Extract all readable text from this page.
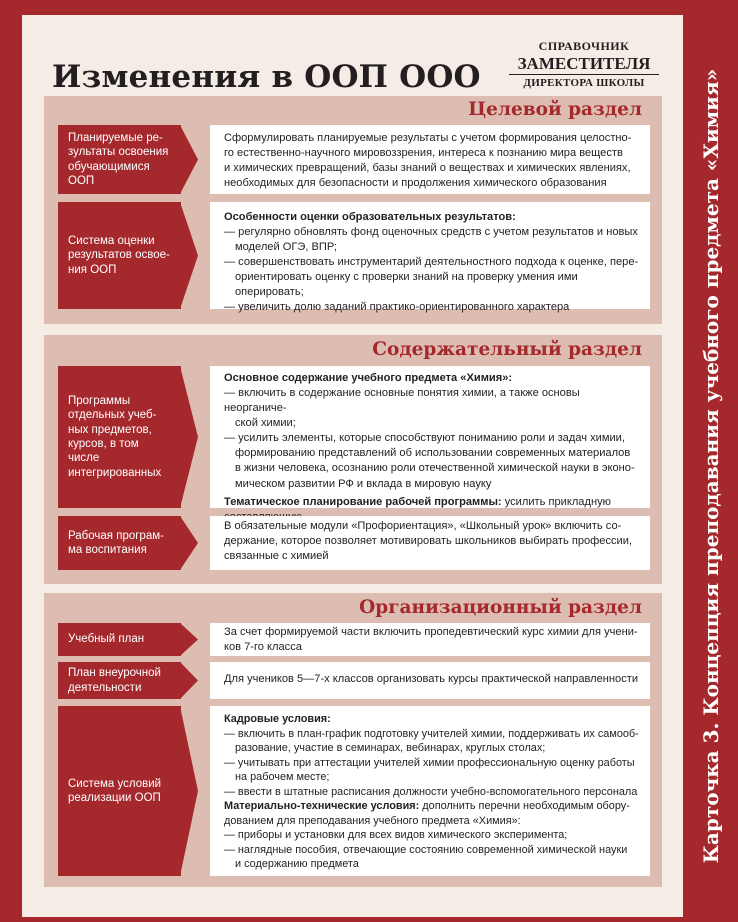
Изменения в ООП ООО
СПРАВОЧНИК
ЗАМЕСТИТЕЛЯ
ДИРЕКТОРА ШКОЛЫ
Целевой раздел
Планируемые ре-
зультаты освоения
обучающимися
ООП

Сформулировать планируемые результаты с учетом формирования целостно-

го естественно-научного мировоззрения, интереса к познанию мира веществ

и химических превращений, базы знаний о веществах и химических явлениях,

необходимых для безопасности и продолжения химического образования

Система оценки
результатов освое-
ния ООП

Особенности оценки образовательных результатов:

— регулярно обновлять фонд оценочных средств с учетом результатов и новых

моделей ОГЭ, ВПР;

— совершенствовать инструментарий деятельностного подхода к оценке, пере-

ориентировать оценку с проверки знаний на проверку умения ими оперировать;

— увеличить долю заданий практико-ориентированного характера

Содержательный раздел
Программы
отдельных учеб-
ных предметов,
курсов, в том числе
интегрированных

Основное содержание учебного предмета «Химия»:

— включить в содержание основные понятия химии, а также основы неорганиче-

ской химии;

— усилить элементы, которые способствуют пониманию роли и задач химии,

формированию представлений об использовании современных материалов

в жизни человека, осознанию роли отечественной химической науки в эконо-

мическом развитии РФ и вклада в мировую науку

Тематическое планирование рабочей программы: усилить прикладную

Рабочая програм-
ма воспитания

В обязательные модули «Профориентация», «Школьный урок» включить со-

держание, которое позволяет мотивировать школьников выбирать профессии,

связанные с химией

Организационный раздел
Учебный план

За счет формируемой части включить пропедевтический курс химии для учени-

ков 7-го класса

План внеурочной
деятельности

Для учеников 5—7-х классов организовать курсы практической направленности

Система условий
реализации ООП

Кадровые условия:

— включить в план-график подготовку учителей химии, поддерживать их самооб-

разование, участие в семинарах, вебинарах, круглых столах;

— учитывать при аттестации учителей химии профессиональную оценку работы

на рабочем месте;

— ввести в штатные расписания должности учебно-вспомогательного персонала

Материально-технические условия: дополнить перечни необходимым обору-

дованием для преподавания учебного предмета «Химия»:

— приборы и установки для всех видов химического эксперимента;

— наглядные пособия, отвечающие состоянию современной химической науки

и содержанию предмета

Карточка 3. Концепция преподавания учебного предмета «Химия»
